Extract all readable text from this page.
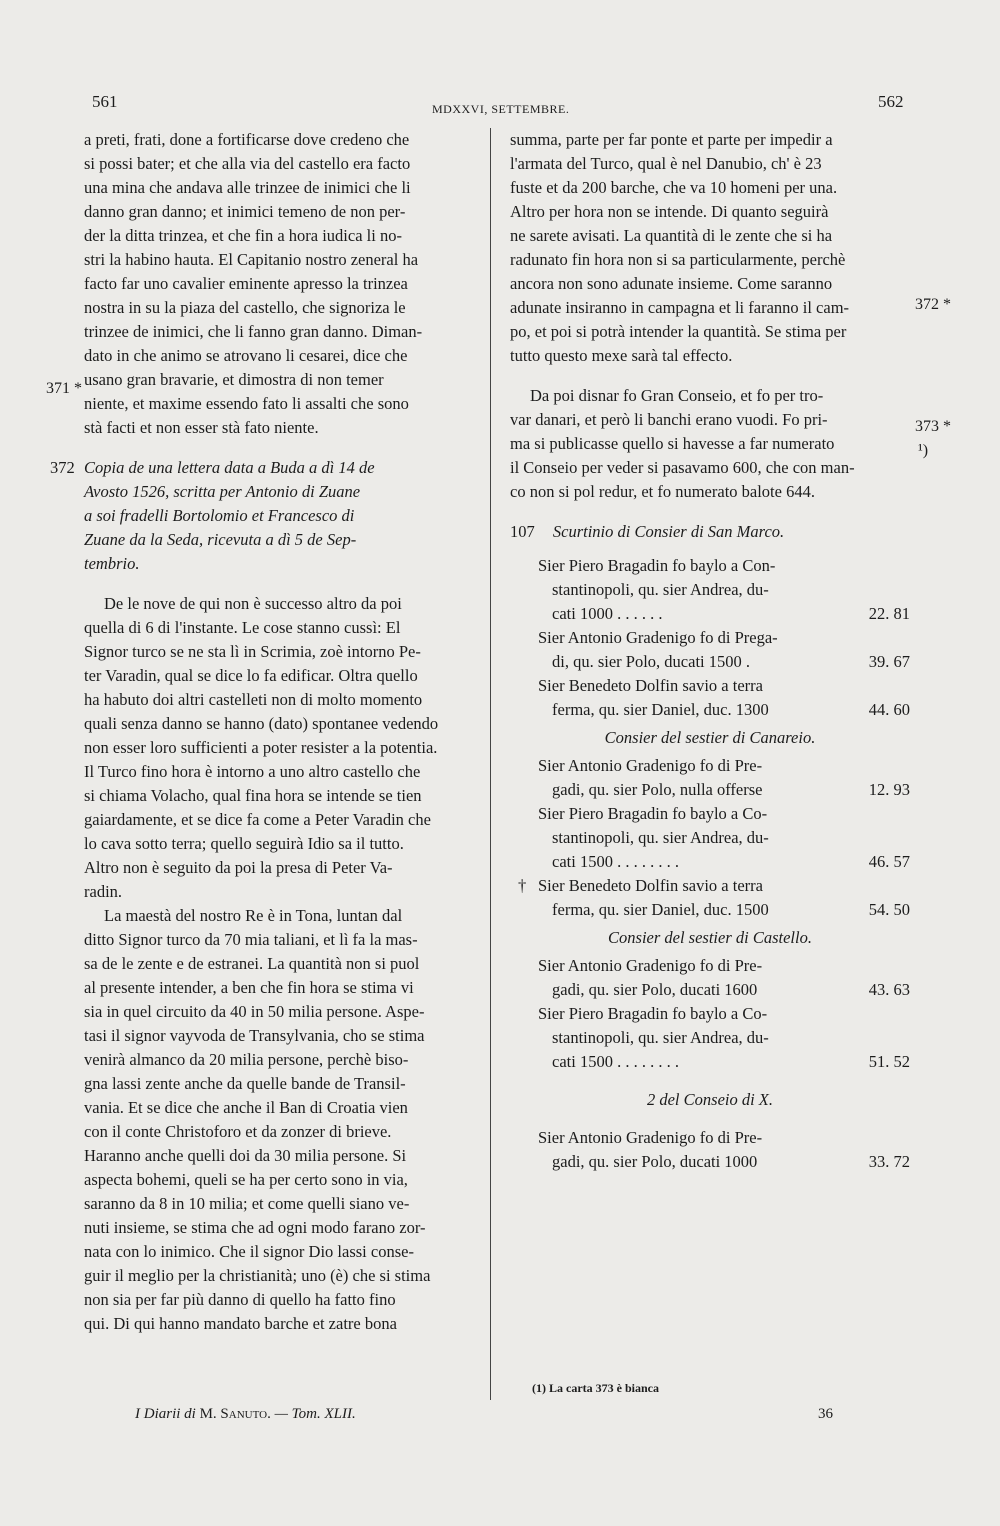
561	MDXXVI, SETTEMBRE.	562

a preti, frati, done a fortificarse dove credeno che

si possi bater; et che alla via del castello era facto

una mina che andava alle trinzee de inimici che li

danno gran danno; et inimici temeno de non per-

der la ditta trinzea, et che fin a hora iudica li no-

stri la habino hauta. El Capitanio nostro zeneral ha

facto far uno cavalier eminente apresso la trinzea

nostra in su la piaza del castello, che signoriza le

trinzee de inimici, che li fanno gran danno. Diman-

dato in che animo se atrovano li cesarei, dice che

usano gran bravarie, et dimostra di non temer

niente, et maxime essendo fato li assalti che sono

stà facti et non esser stà fato niente.

372 Copia de una lettera data a Buda a dì 14 de

Avosto 1526, scritta per Antonio di Zuane

a soi fradelli Bortolomio et Francesco di

Zuane da la Seda, ricevuta a dì 5 de Sep-

tembrio.

De le nove de qui non è successo altro da poi

quella di 6 di l'instante. Le cose stanno cussì: El

Signor turco se ne sta lì in Scrimia, zoè intorno Pe-

ter Varadin, qual se dice lo fa edificar. Oltra quello

ha habuto doi altri castelleti non di molto momento

quali senza danno se hanno (dato) spontanee vedendo

non esser loro sufficienti a poter resister a la potentia.

Il Turco fino hora è intorno a uno altro castello che

si chiama Volacho, qual fina hora se intende se tien

gaiardamente, et se dice fa come a Peter Varadin che

lo cava sotto terra; quello seguirà Idio sa il tutto.

Altro non è seguito da poi la presa di Peter Va-

radin.

La maestà del nostro Re è in Tona, luntan dal

ditto Signor turco da 70 mia taliani, et lì fa la mas-

sa de le zente e de estranei. La quantità non si puol

al presente intender, a ben che fin hora se stima vi

sia in quel circuito da 40 in 50 milia persone. Aspe-

tasi il signor vayvoda de Transylvania, cho se stima

venirà almanco da 20 milia persone, perchè biso-

gna lassi zente anche da quelle bande de Transil-

vania. Et se dice che anche il Ban di Croatia vien

con il conte Christoforo et da zonzer di brieve.

Haranno anche quelli doi da 30 milia persone. Si

aspecta bohemi, queli se ha per certo sono in via,

saranno da 8 in 10 milia; et come quelli siano ve-

nuti insieme, se stima che ad ogni modo farano zor-

nata con lo inimico. Che il signor Dio lassi conse-

guir il meglio per la christianità; uno (è) che si stima

non sia per far più danno di quello ha fatto fino

qui. Di qui hanno mandato barche et zatre bona

summa, parte per far ponte et parte per impedir a

l'armata del Turco, qual è nel Danubio, ch' è 23

fuste et da 200 barche, che va 10 homeni per una.

Altro per hora non se intende. Di quanto seguirà

ne sarete avisati. La quantità di le zente che si ha

radunato fin hora non si sa particularmente, perchè

ancora non sono adunate insieme. Come saranno

adunate insiranno in campagna et li faranno il cam-

po, et poi si potrà intender la quantità. Se stima per

tutto questo mexe sarà tal effecto.

Da poi disnar fo Gran Conseio, et fo per tro-

var danari, et però li banchi erano vuodi. Fo pri-

ma si publicasse quello si havesse a far numerato

il Conseio per veder si pasavamo 600, che con man-

co non si pol redur, et fo numerato balote 644.

107 Scurtinio di Consier di San Marco.

Sier Piero Bragadin fo baylo a Con-
stantinopoli, qu. sier Andrea, du-
cati 1000 . . . . . .	22. 81
Sier Antonio Gradenigo fo di Prega-
di, qu. sier Polo, ducati 1500 .	39. 67
Sier Benedeto Dolfin savio a terra
ferma, qu. sier Daniel, duc. 1300	44. 60
Consier del sestier di Canareio.
Sier Antonio Gradenigo fo di Pre-
gadi, qu. sier Polo, nulla offerse	12. 93
Sier Piero Bragadin fo baylo a Co-
stantinopoli, qu. sier Andrea, du-
cati 1500 . . . . . . . .	46. 57
† Sier Benedeto Dolfin savio a terra
ferma, qu. sier Daniel, duc. 1500	54. 50
Consier del sestier di Castello.
Sier Antonio Gradenigo fo di Pre-
gadi, qu. sier Polo, ducati 1600	43. 63
Sier Piero Bragadin fo baylo a Co-
stantinopoli, qu. sier Andrea, du-
cati 1500 . . . . . . . .	51. 52
2 del Conseio di X.
Sier Antonio Gradenigo fo di Pre-
gadi, qu. sier Polo, ducati 1000	33. 72
371 *
372 *
373 *
¹)
(1) La carta 373 è bianca
I Diarii di M. Sanuto. — Tom. XLII.	36
